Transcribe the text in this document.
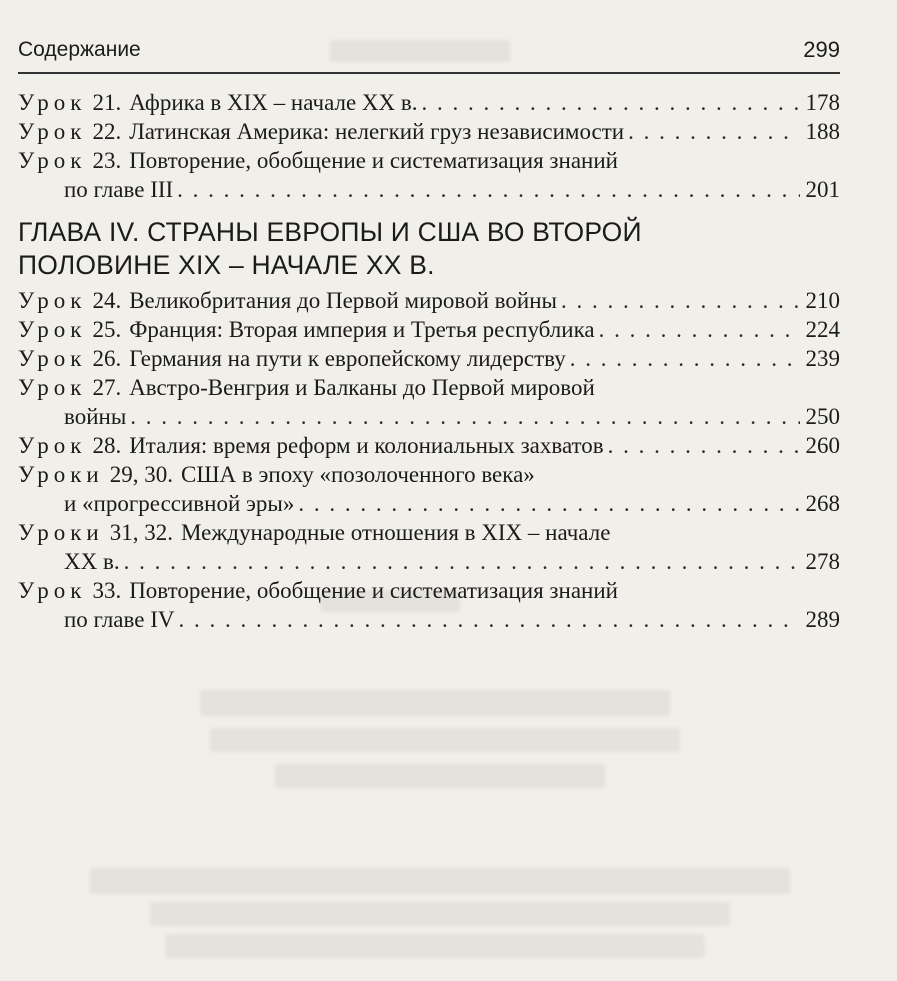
Содержание	299
Урок 21. Африка в XIX – начале XX в. . . .	178
Урок 22. Латинская Америка: нелегкий груз независимости . . .	188
Урок 23. Повторение, обобщение и систематизация знаний
по главе III . . .	201
ГЛАВА IV. СТРАНЫ ЕВРОПЫ И США ВО ВТОРОЙ
ПОЛОВИНЕ XIX – НАЧАЛЕ XX В.
Урок 24. Великобритания до Первой мировой войны . . .	210
Урок 25. Франция: Вторая империя и Третья республика . . .	224
Урок 26. Германия на пути к европейскому лидерству . . .	239
Урок 27. Австро-Венгрия и Балканы до Первой мировой
войны . . .	250
Урок 28. Италия: время реформ и колониальных захватов . . .	260
Уроки 29, 30. США в эпоху «позолоченного века»
и «прогрессивной эры» . . .	268
Уроки 31, 32. Международные отношения в XIX – начале
XX в. . . .	278
Урок 33. Повторение, обобщение и систематизация знаний
по главе IV . . .	289
